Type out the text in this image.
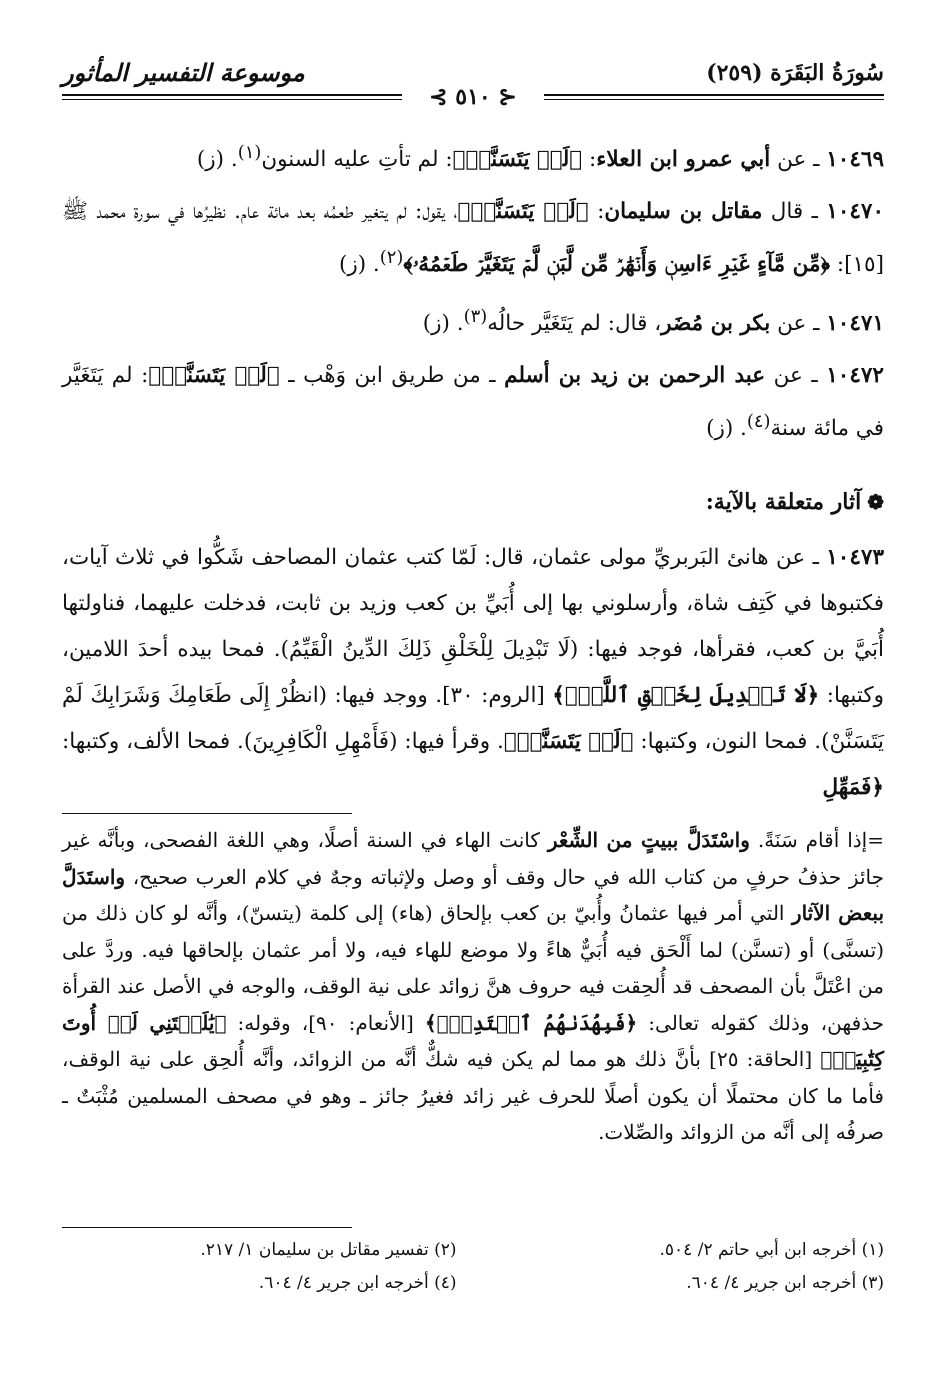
سُورَةُ البَقَرَة (٢٥٩)
موسوعة التفسير المأثور
⊰ ٥١٠ ⊱
١٠٤٦٩ ـ عن أبي عمرو ابن العلاء: ﴿لَمۡ يَتَسَنَّهۡ﴾: لم تأتِ عليه السنون$^{(١)}$. (ز)
١٠٤٧٠ ـ قال مقاتل بن سليمان: ﴿لَمۡ يَتَسَنَّهۡ﴾، يقول: لم يتغير طعمُه بعد مائة عام. نظيرُها في سورة محمد ﷺ [١٥]: ﴿مِّن مَّآءٍ غَيۡرِ ءَاسِنٖ وَأَنۡهَٰرٞ مِّن لَّبَنٖ لَّمۡ يَتَغَيَّرۡ طَعۡمُهُۥ﴾$^{(٢)}$. (ز)
١٠٤٧١ ـ عن بكر بن مُضَر، قال: لم يَتَغَيَّر حالُه$^{(٣)}$. (ز)
١٠٤٧٢ ـ عن عبد الرحمن بن زيد بن أسلم ـ من طريق ابن وَهْب ـ ﴿لَمۡ يَتَسَنَّهۡ﴾: لم يَتَغَيَّر في مائة سنة$^{(٤)}$. (ز)
❁آثار متعلقة بالآية:
١٠٤٧٣ ـ عن هانئ البَربريِّ مولى عثمان، قال: لَمّا كتب عثمان المصاحف شَكُّوا في ثلاث آيات، فكتبوها في كَتِف شاة، وأرسلوني بها إلى أُبَيِّ بن كعب وزيد بن ثابت، فدخلت عليهما، فناولتها أُبَيَّ بن كعب، فقرأها، فوجد فيها: (لَا تَبْدِيلَ لِلْخَلْقِ ذَلِكَ الدِّينُ الْقَيِّمُ). فمحا بيده أحدَ اللامين، وكتبها: ﴿لَا تَبۡدِيلَ لِخَلۡقِ ٱللَّهِۚ﴾ [الروم: ٣٠]. ووجد فيها: (انظُرْ إِلَى طَعَامِكَ وَشَرَابِكَ لَمْ يَتَسَنَّنْ). فمحا النون، وكتبها: ﴿لَمۡ يَتَسَنَّهۡ﴾. وقرأ فيها: (فَأَمْهِلِ الْكَافِرِينَ). فمحا الألف، وكتبها: ﴿فَمَهِّلِ
=إذا أقام سَنَةً. واسْتَدَلَّ ببيتٍ من الشِّعْر كانت الهاء في السنة أصلًا، وهي اللغة الفصحى، وبأنَّه غير جائز حذفُ حرفٍ من كتاب الله في حال وقف أو وصل ولإثباته وجهٌ في كلام العرب صحيح، واستَدَلَّ ببعض الآثار التي أمر فيها عثمانُ وأُبيّ بن كعب بإلحاق (هاء) إلى كلمة (يتسنّ)، وأنَّه لو كان ذلك من (تسنَّى) أو (تسنَّن) لما أَلْحَق فيه أُبَيٌّ هاءً ولا موضع للهاء فيه، ولا أمر عثمان بإلحاقها فيه. وردَّ على من اعْتَلَّ بأن المصحف قد أُلحِقت فيه حروف هنَّ زوائد على نية الوقف، والوجه في الأصل عند القرأة حذفهن، وذلك كقوله تعالى: ﴿فَبِهُدَىٰهُمُ ٱقۡتَدِهۡۗ﴾ [الأنعام: ٩٠]، وقوله: ﴿يَٰلَيۡتَنِي لَمۡ أُوتَ كِتَٰبِيَهۡ﴾ [الحاقة: ٢٥] بأنَّ ذلك هو مما لم يكن فيه شكٌّ أنَّه من الزوائد، وأنَّه أُلحِق على نية الوقف، فأما ما كان محتملًا أن يكون أصلًا للحرف غير زائد فغيرُ جائز ـ وهو في مصحف المسلمين مُثْبَتٌ ـ صرفُه إلى أنَّه من الزوائد والصِّلات.
(١) أخرجه ابن أبي حاتم ٢/ ٥٠٤.
(٣) أخرجه ابن جرير ٤/ ٦٠٤.
(٢) تفسير مقاتل بن سليمان ١/ ٢١٧.
(٤) أخرجه ابن جرير ٤/ ٦٠٤.
